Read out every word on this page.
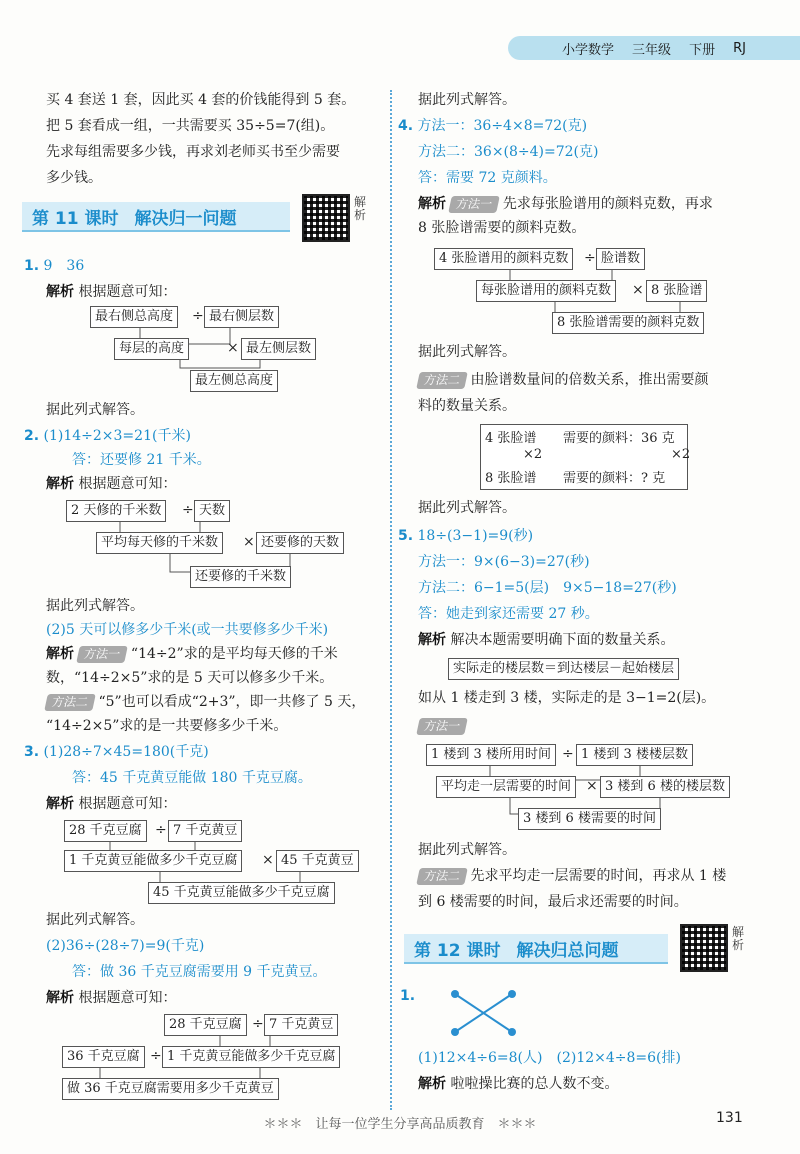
小学数学 三年级 下册 RJ
买 4 套送 1 套，因此买 4 套的价钱能得到 5 套。
把 5 套看成一组，一共需要买 35÷5=7(组)。
先求每组需要多少钱，再求刘老师买书至少需要
多少钱。
第 11 课时 解决归一问题
解析
1. 9　36
解析 根据题意可知：
最右侧总高度	÷ 最右侧层数
每层的高度	× 最左侧层数
最左侧总高度
据此列式解答。
2. (1)14÷2×3=21(千米)
答：还要修 21 千米。
解析 根据题意可知：
2 天修的千米数	÷ 天数
平均每天修的千米数	× 还要修的天数
还要修的千米数
据此列式解答。
(2)5 天可以修多少千米(或一共要修多少千米)
解析 方法一 “14÷2”求的是平均每天修的千米
数，“14÷2×5”求的是 5 天可以修多少千米。
方法二 “5”也可以看成“2+3”，即一共修了 5 天，
“14÷2×5”求的是一共要修多少千米。
3. (1)28÷7×45=180(千克)
答：45 千克黄豆能做 180 千克豆腐。
解析 根据题意可知：
28 千克豆腐 ÷ 7 千克黄豆
1 千克黄豆能做多少千克豆腐	× 45 千克黄豆
45 千克黄豆能做多少千克豆腐
据此列式解答。
(2)36÷(28÷7)=9(千克)
答：做 36 千克豆腐需要用 9 千克黄豆。
解析 根据题意可知：
28 千克豆腐 ÷ 7 千克黄豆
36 千克豆腐 ÷ 1 千克黄豆能做多少千克豆腐
做 36 千克豆腐需要用多少千克黄豆
据此列式解答。
4. 方法一：36÷4×8=72(克)
方法二：36×(8÷4)=72(克)
答：需要 72 克颜料。
解析 方法一 先求每张脸谱用的颜料克数，再求
8 张脸谱需要的颜料克数。
4 张脸谱用的颜料克数	÷ 脸谱数
每张脸谱用的颜料克数	× 8 张脸谱
8 张脸谱需要的颜料克数
据此列式解答。
方法二 由脸谱数量间的倍数关系，推出需要颜
料的数量关系。
4 张脸谱 需要的颜料：36 克
×2	×2
8 张脸谱 需要的颜料：? 克
据此列式解答。
5. 18÷(3−1)=9(秒)
方法一：9×(6−3)=27(秒)
方法二：6−1=5(层)　9×5−18=27(秒)
答：她走到家还需要 27 秒。
解析 解决本题需要明确下面的数量关系。
实际走的楼层数＝到达楼层－起始楼层
如从 1 楼走到 3 楼，实际走的是 3−1=2(层)。
方法一
1 楼到 3 楼所用时间 ÷ 1 楼到 3 楼楼层数
平均走一层需要的时间	× 3 楼到 6 楼的楼层数
3 楼到 6 楼需要的时间
据此列式解答。
方法二 先求平均走一层需要的时间，再求从 1 楼
到 6 楼需要的时间，最后求还需要的时间。
第 12 课时 解决归总问题
解析
1.
(1)12×4÷6=8(人)　(2)12×4÷8=6(排)
解析 啦啦操比赛的总人数不变。
＊＊＊　让每一位学生分享高品质教育　＊＊＊	131
